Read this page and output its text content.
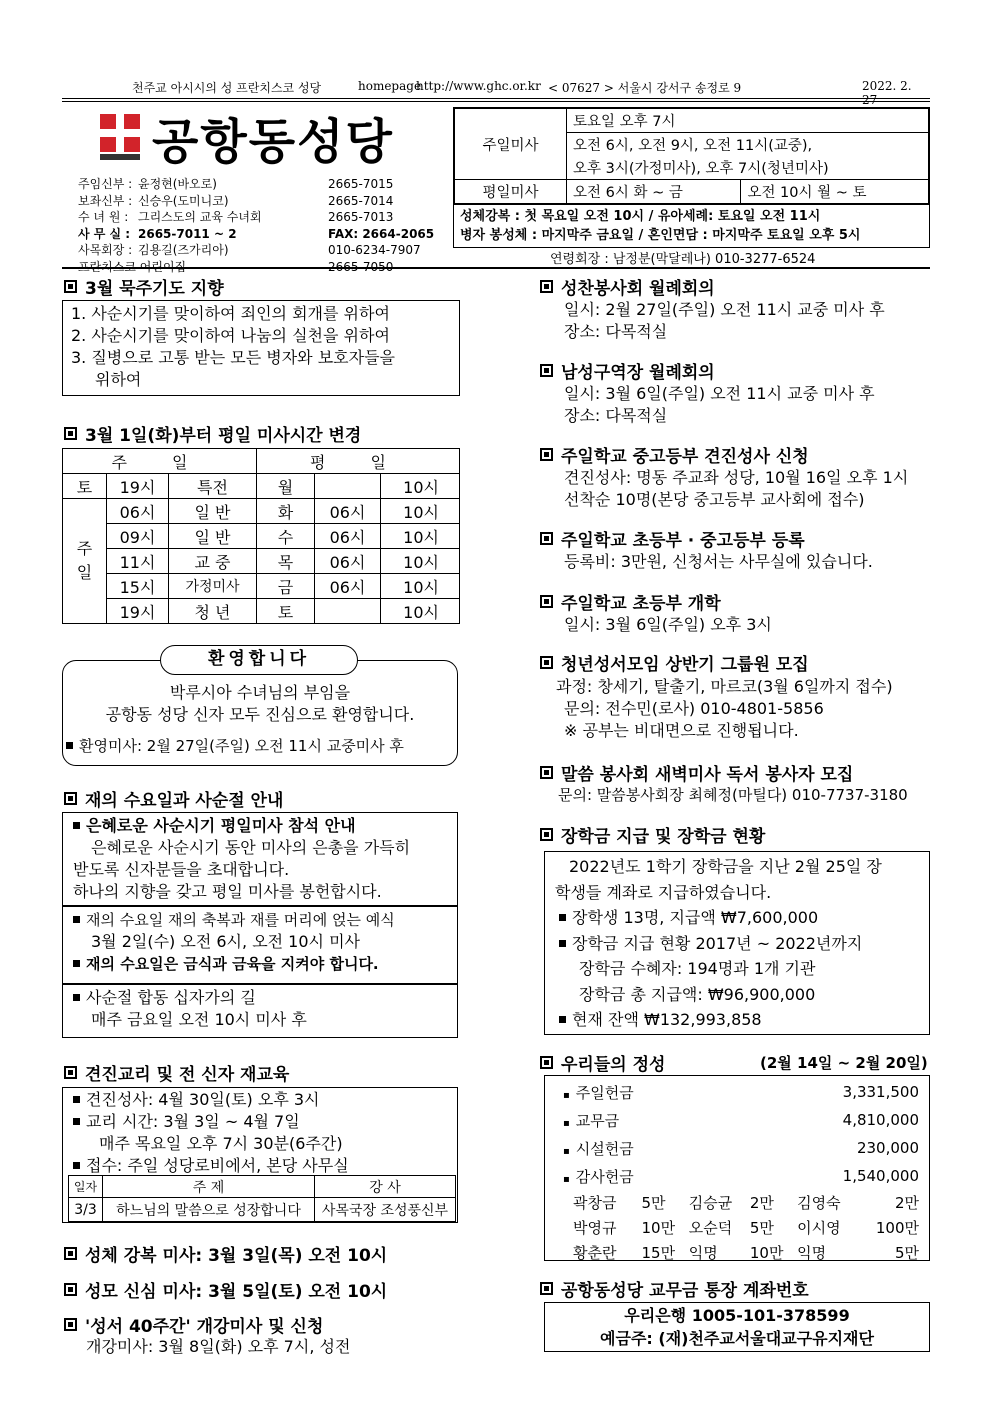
천주교 아시시의 성 프란치스코 성당	homepage
http://www.ghc.or.kr < 07627 > 서울시 강서구 송정로 9	2022. 2. 27
공항동성당
주임신부 : 윤정현(바오로)	2665-7015
보좌신부 : 신승우(도미니코)	2665-7014
수 녀 원 : 그리스도의 교육 수녀회	2665-7013
사 무 실 : 2665-7011 ~ 2	FAX: 2664-2065
사목회장 : 김용길(즈가리아)	010-6234-7907
프란치스코 어린이집	2665-7050
주일미사	토요일 오후 7시	
	오전 6시, 오전 9시, 오전 11시(교중),	
	오후 3시(가정미사), 오후 7시(청년미사)	
평일미사	오전 6시 화 ~ 금	오전 10시 월 ~ 토
성체강복 : 첫 목요일 오전 10시 / 유아세례: 토요일 오전 11시
병자 봉성체 : 마지막주 금요일 / 혼인면담 : 마지막주 토요일 오후 5시
연령회장 : 남정분(막달레나) 010-3277-6524
3월 묵주기도 지향
1. 사순시기를 맞이하여 죄인의 회개를 위하여
2. 사순시기를 맞이하여 나눔의 실천을 위하여
3. 질병으로 고통 받는 모든 병자와 보호자들을
위하여
3월 1일(화)부터 평일 미사시간 변경
주 일			평 일		
토	19시	특전	월		10시
주일	06시	일 반	화	06시	10시
	09시	일 반	수	06시	10시
	11시	교 중	목	06시	10시
	15시	가정미사	금	06시	10시
	19시	청 년	토		10시
환영합니다
박루시아 수녀님의 부임을
공항동 성당 신자 모두 진심으로 환영합니다.
환영미사: 2월 27일(주일) 오전 11시 교중미사 후
재의 수요일과 사순절 안내
은혜로운 사순시기 평일미사 참석 안내
은혜로운 사순시기 동안 미사의 은총을 가득히
받도록 신자분들을 초대합니다.
하나의 지향을 갖고 평일 미사를 봉헌합시다.
재의 수요일 재의 축복과 재를 머리에 얹는 예식
3월 2일(수) 오전 6시, 오전 10시 미사
재의 수요일은 금식과 금육을 지켜야 합니다.
사순절 합동 십자가의 길
매주 금요일 오전 10시 미사 후
견진교리 및 전 신자 재교육
견진성사: 4월 30일(토) 오후 3시
교리 시간: 3월 3일 ~ 4월 7일
매주 목요일 오후 7시 30분(6주간)
접수: 주일 성당로비에서, 본당 사무실
일자	주 제	강 사
3/3	하느님의 말씀으로 성장합니다	사목국장 조성풍신부
성체 강복 미사: 3월 3일(목) 오전 10시
성모 신심 미사: 3월 5일(토) 오전 10시
'성서 40주간' 개강미사 및 신청
개강미사: 3월 8일(화) 오후 7시, 성전
성찬봉사회 월례회의
일시: 2월 27일(주일) 오전 11시 교중 미사 후
장소: 다목적실
남성구역장 월례회의
일시: 3월 6일(주일) 오전 11시 교중 미사 후
장소: 다목적실
주일학교 중고등부 견진성사 신청
견진성사: 명동 주교좌 성당, 10월 16일 오후 1시
선착순 10명(본당 중고등부 교사회에 접수)
주일학교 초등부 · 중고등부 등록
등록비: 3만원, 신청서는 사무실에 있습니다.
주일학교 초등부 개학
일시: 3월 6일(주일) 오후 3시
청년성서모임 상반기 그룹원 모집
과정: 창세기, 탈출기, 마르코(3월 6일까지 접수)
문의: 전수민(로사) 010-4801-5856
※ 공부는 비대면으로 진행됩니다.
말씀 봉사회 새벽미사 독서 봉사자 모집
문의: 말씀봉사회장 최혜정(마틸다) 010-7737-3180
장학금 지급 및 장학금 현황
2022년도 1학기 장학금을 지난 2월 25일 장
학생들 계좌로 지급하였습니다.
장학생 13명, 지급액 ₩7,600,000
장학금 지급 현황 2017년 ~ 2022년까지
장학금 수혜자: 194명과 1개 기관
장학금 총 지급액: ₩96,900,000
현재 잔액 ₩132,993,858
우리들의 정성	(2월 14일 ~ 2월 20일)
▪ 주일헌금	3,331,500
▪ 교무금	4,810,000
▪ 시설헌금	230,000
▪ 감사헌금	1,540,000
곽창금	5만	김승균	2만	김영숙	2만
박영규	10만	오순덕	5만	이시영	100만
황춘란	15만	익명	10만	익명	5만
공항동성당 교무금 통장 계좌번호
우리은행 1005-101-378599
예금주: (재)천주교서울대교구유지재단
